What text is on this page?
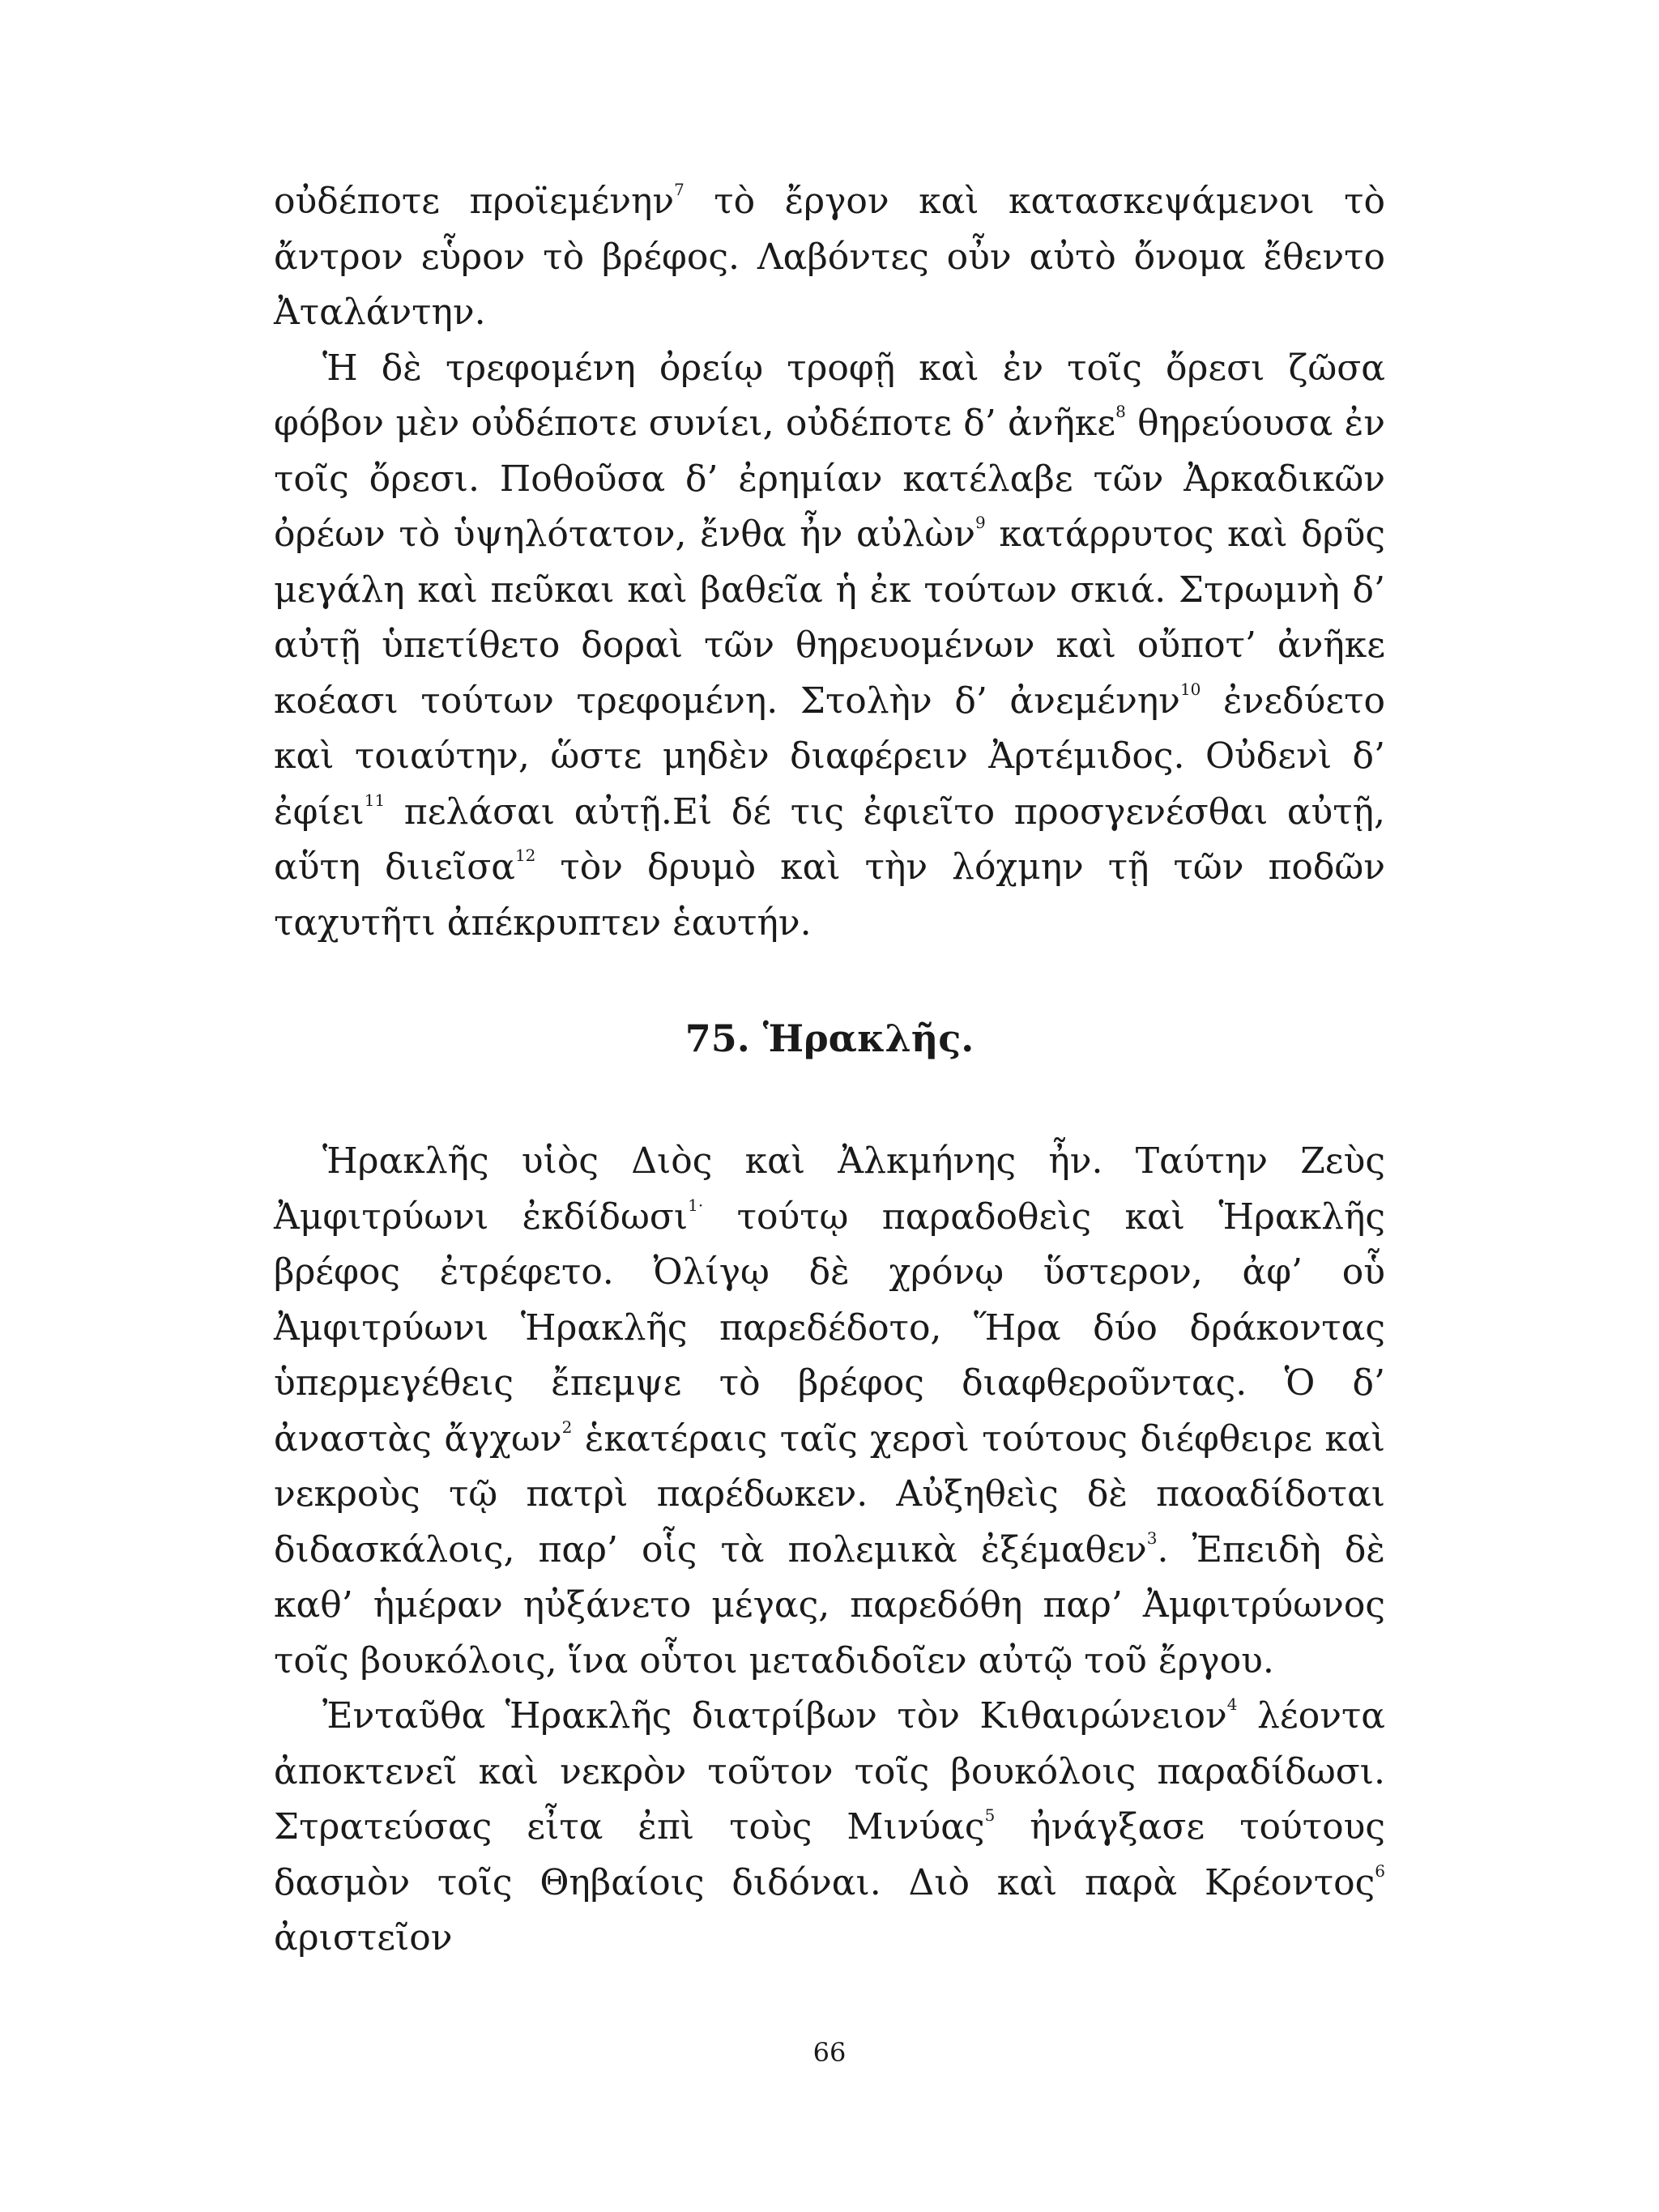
οὐδέποτε προϊεμένην$^7$ τὸ ἔργον καὶ κατασκεψάμενοι τὸ ἄντρον εὗρον τὸ βρέφος. Λαβόντες οὖν αὐτὸ ὄνομα ἔθεντο Ἀταλάντην.

Ἡ δὲ τρεφομένη ὀρείῳ τροφῇ καὶ ἐν τοῖς ὄρεσι ζῶσα φόβον μὲν οὐδέποτε συνίει, οὐδέποτε δ’ ἀνῆκε$^8$ θηρεύουσα ἐν τοῖς ὄρεσι. Ποθοῦσα δ’ ἐρημίαν κατέλαβε τῶν Ἀρκαδικῶν ὀρέων τὸ ὑψηλότατον, ἔνθα ἦν αὐλὼν$^9$ κατάρρυτος καὶ δρῦς μεγάλη καὶ πεῦκαι καὶ βαθεῖα ἡ ἐκ τούτων σκιά. Στρωμνὴ δ’ αὐτῇ ὑπετίθετο δοραὶ τῶν θηρευομένων καὶ οὔποτ’ ἀνῆκε κοέασι τούτων τρεφομένη. Στολὴν δ’ ἀνεμένην$^{10}$ ἐνεδύετο καὶ τοιαύτην, ὥστε μηδὲν διαφέρειν Ἀρτέμιδος. Οὐδενὶ δ’ ἐφίει$^{11}$ πελάσαι αὐτῇ.Εἰ δέ τις ἐφιεῖτο προσγενέσθαι αὐτῇ, αὕτη διιεῖσα$^{12}$ τὸν δρυμὸ καὶ τὴν λόχμην τῇ τῶν ποδῶν ταχυτῆτι ἀπέκρυπτεν ἑαυτήν.

75. Ἡρακλῆς.

Ἡρακλῆς υἱὸς Διὸς καὶ Ἀλκμήνης ἦν. Ταύτην Ζεὺς Ἀμφιτρύωνι ἐκδίδωσι$^{1\cdot}$ τούτῳ παραδοθεὶς καὶ Ἡρακλῆς βρέφος ἐτρέφετο. Ὀλίγῳ δὲ χρόνῳ ὕστερον, ἀφ’ οὗ Ἀμφιτρύωνι Ἡρακλῆς παρεδέδοτο, Ἥρα δύο δράκοντας ὑπερμεγέθεις ἔπεμψε τὸ βρέφος διαφθεροῦντας. Ὁ δ’ ἀναστὰς ἄγχων$^2$ ἑκατέραις ταῖς χερσὶ τούτους διέφθειρε καὶ νεκροὺς τῷ πατρὶ παρέδωκεν. Αὐξηθεὶς δὲ παοαδίδοται διδασκάλοις, παρ’ οἷς τὰ πολεμικὰ ἐξέμαθεν$^3$. Ἐπειδὴ δὲ καθ’ ἡμέραν ηὐξάνετο μέγας, παρεδόθη παρ’ Ἀμφιτρύωνος τοῖς βουκόλοις, ἵνα οὗτοι μεταδιδοῖεν αὐτῷ τοῦ ἔργου.

Ἐνταῦθα Ἡρακλῆς διατρίβων τὸν Κιθαιρώνειον$^4$ λέοντα ἀποκτενεῖ καὶ νεκρὸν τοῦτον τοῖς βουκόλοις παραδίδωσι. Στρατεύσας εἶτα ἐπὶ τοὺς Μινύας$^5$ ἠνάγξασε τούτους δασμὸν τοῖς Θηβαίοις διδόναι. Διὸ καὶ παρὰ Κρέοντος$^6$ ἀριστεῖον

66
